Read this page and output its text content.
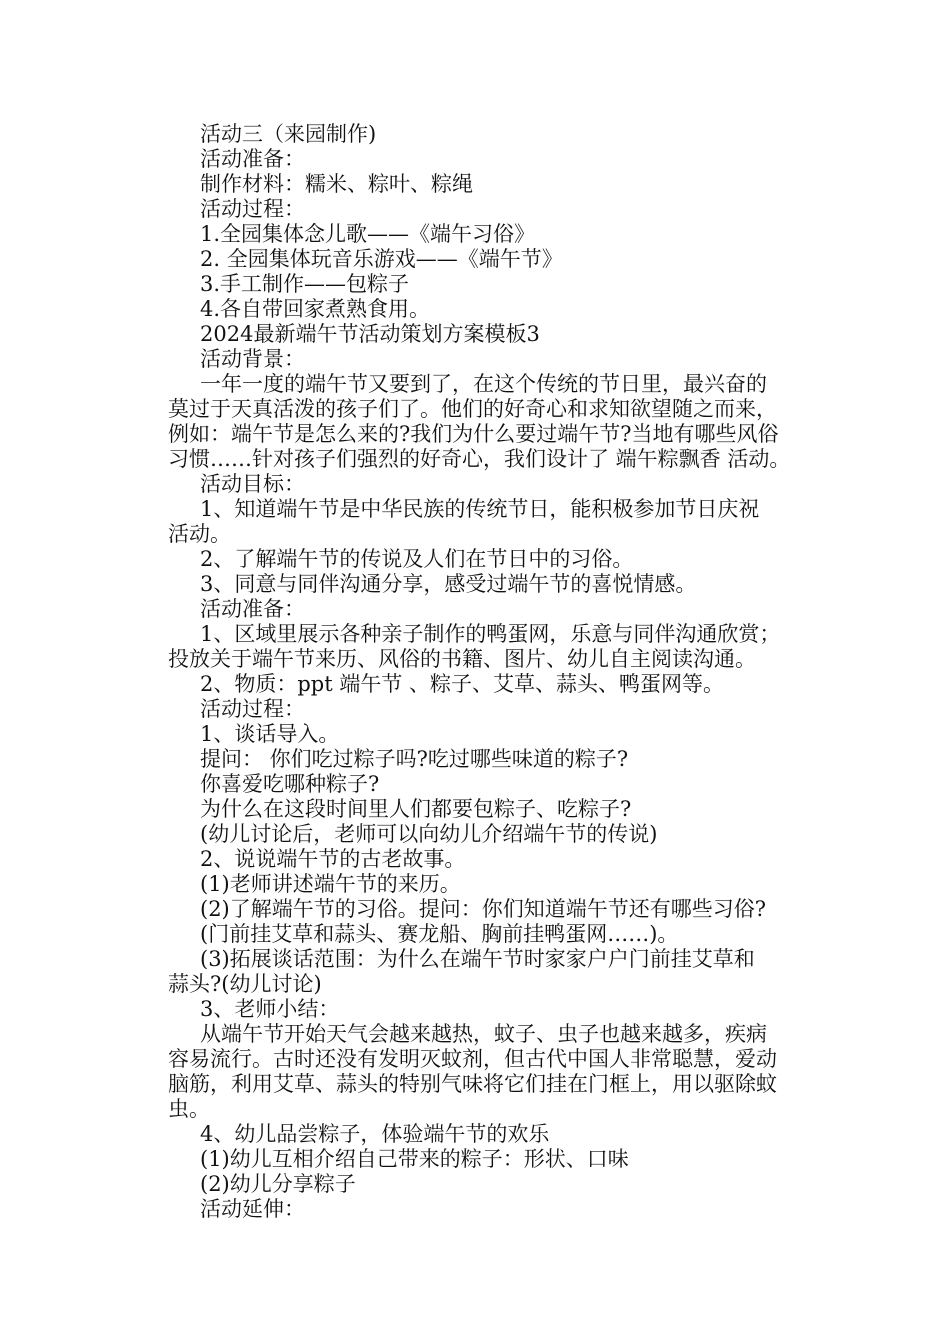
活动三（来园制作)
活动准备：
制作材料：糯米、粽叶、粽绳
活动过程：
1.全园集体念儿歌——《端午习俗》
2. 全园集体玩音乐游戏——《端午节》
3.手工制作——包粽子
4.各自带回家煮熟食用。
2024最新端午节活动策划方案模板3
活动背景：
一年一度的端午节又要到了，在这个传统的节日里，最兴奋的
莫过于天真活泼的孩子们了。他们的好奇心和求知欲望随之而来，
例如：端午节是怎么来的?我们为什么要过端午节?当地有哪些风俗
习惯……针对孩子们强烈的好奇心，我们设计了 端午粽飘香 活动。
活动目标：
1、知道端午节是中华民族的传统节日，能积极参加节日庆祝
活动。
2、了解端午节的传说及人们在节日中的习俗。
3、同意与同伴沟通分享，感受过端午节的喜悦情感。
活动准备：
1、区域里展示各种亲子制作的鸭蛋网，乐意与同伴沟通欣赏；
投放关于端午节来历、风俗的书籍、图片、幼儿自主阅读沟通。
2、物质：ppt 端午节 、粽子、艾草、蒜头、鸭蛋网等。
活动过程：
1、谈话导入。
提问： 你们吃过粽子吗?吃过哪些味道的粽子?
你喜爱吃哪种粽子?
为什么在这段时间里人们都要包粽子、吃粽子?
(幼儿讨论后，老师可以向幼儿介绍端午节的传说)
2、说说端午节的古老故事。
(1)老师讲述端午节的来历。
(2)了解端午节的习俗。提问：你们知道端午节还有哪些习俗?
(门前挂艾草和蒜头、赛龙船、胸前挂鸭蛋网……)。
(3)拓展谈话范围：为什么在端午节时家家户户门前挂艾草和
蒜头?(幼儿讨论)
3、老师小结：
从端午节开始天气会越来越热，蚊子、虫子也越来越多，疾病
容易流行。古时还没有发明灭蚊剂，但古代中国人非常聪慧，爱动
脑筋，利用艾草、蒜头的特别气味将它们挂在门框上，用以驱除蚊
虫。
4、幼儿品尝粽子，体验端午节的欢乐
(1)幼儿互相介绍自己带来的粽子：形状、口味
(2)幼儿分享粽子
活动延伸：
